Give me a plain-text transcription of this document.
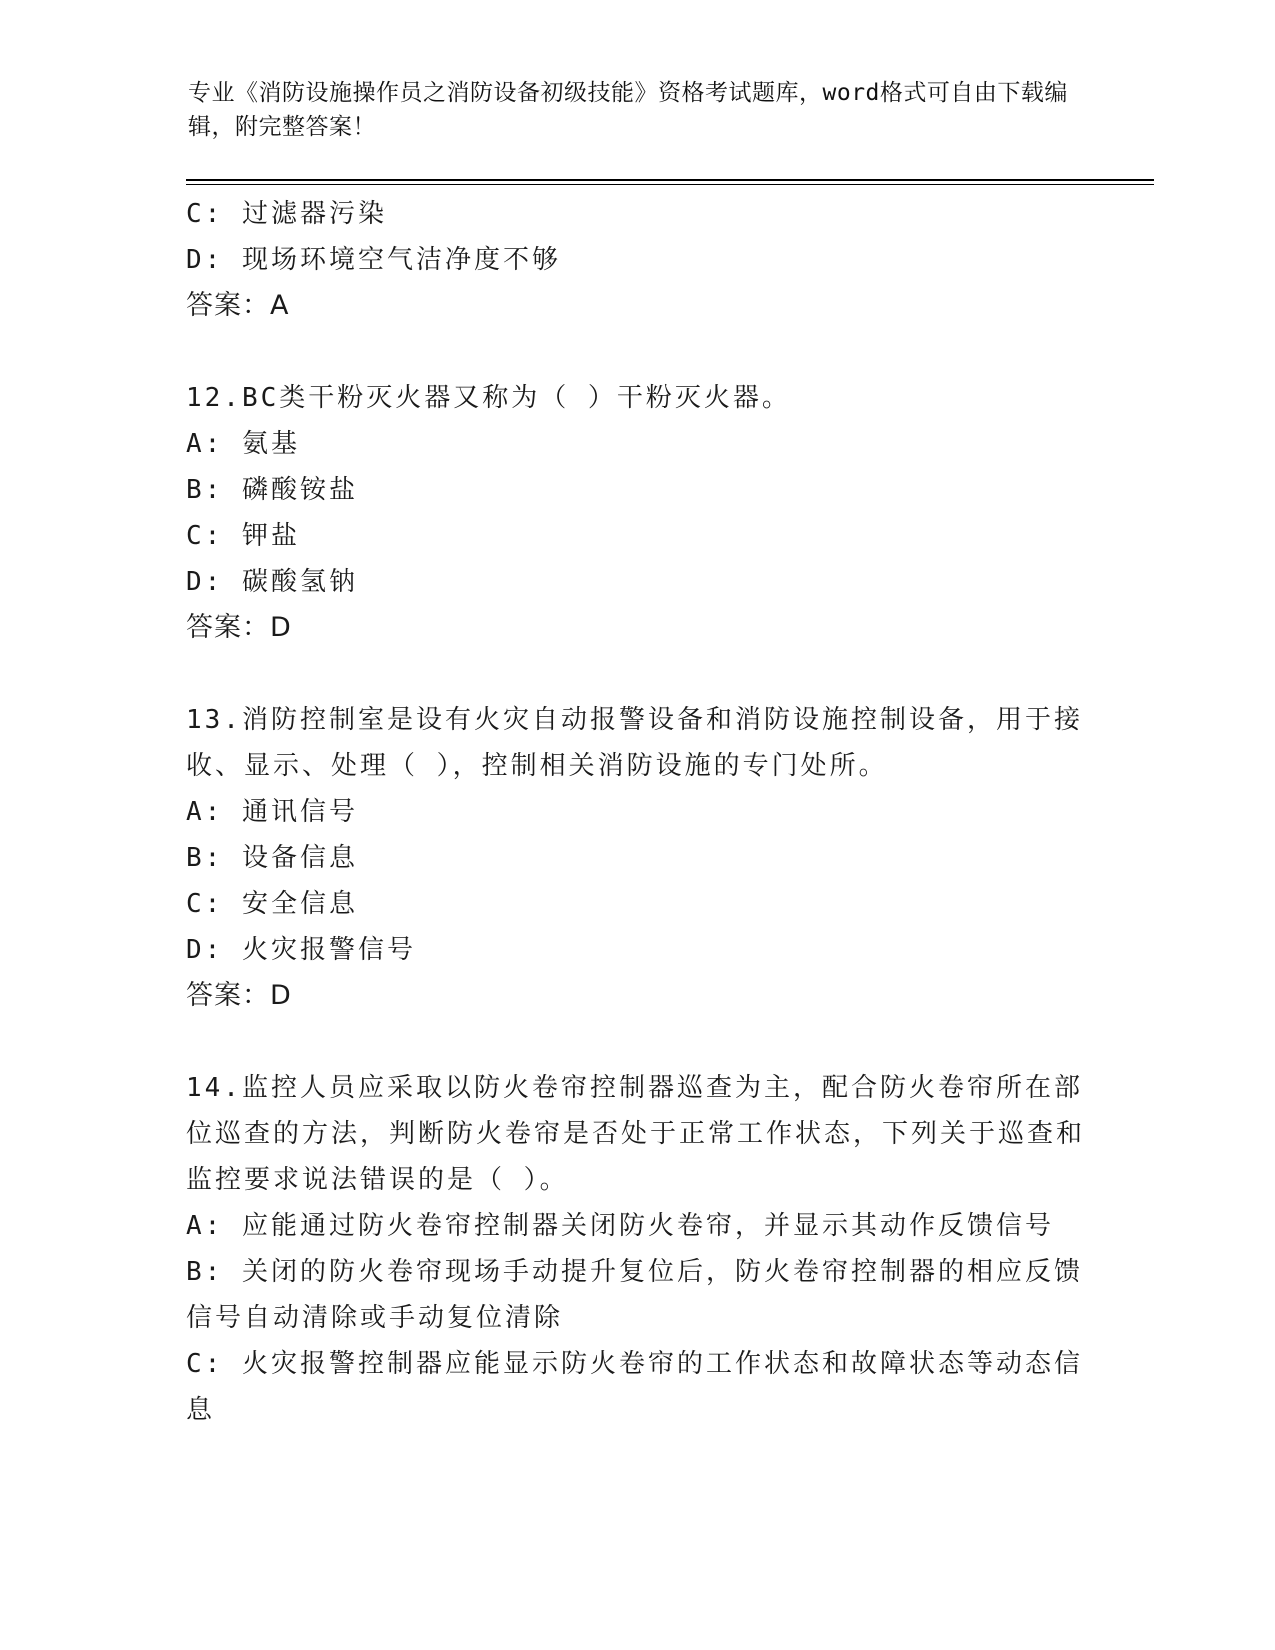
专业《消防设施操作员之消防设备初级技能》资格考试题库，word格式可自由下载编辑，附完整答案！
C: 过滤器污染
D: 现场环境空气洁净度不够
答案：A
12.BC类干粉灭火器又称为（ ）干粉灭火器。
A: 氨基
B: 磷酸铵盐
C: 钾盐
D: 碳酸氢钠
答案：D
13.消防控制室是设有火灾自动报警设备和消防设施控制设备，用于接收、显示、处理（ ），控制相关消防设施的专门处所。
A: 通讯信号
B: 设备信息
C: 安全信息
D: 火灾报警信号
答案：D
14.监控人员应采取以防火卷帘控制器巡查为主，配合防火卷帘所在部位巡查的方法，判断防火卷帘是否处于正常工作状态，下列关于巡查和监控要求说法错误的是（ ）。
A: 应能通过防火卷帘控制器关闭防火卷帘，并显示其动作反馈信号
B: 关闭的防火卷帘现场手动提升复位后，防火卷帘控制器的相应反馈信号自动清除或手动复位清除
C: 火灾报警控制器应能显示防火卷帘的工作状态和故障状态等动态信息
